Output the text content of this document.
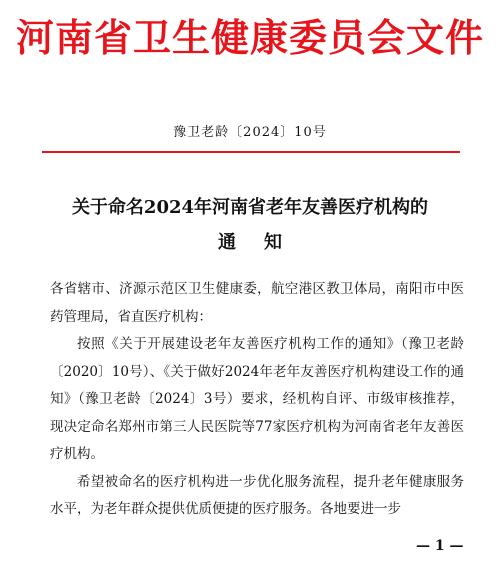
河南省卫生健康委员会文件
豫卫老龄〔2024〕10号
关于命名2024年河南省老年友善医疗机构的
通知

各省辖市、济源示范区卫生健康委，航空港区教卫体局，南阳市中医药管理局，省直医疗机构：

按照《关于开展建设老年友善医疗机构工作的通知》（豫卫老龄〔2020〕10号）、《关于做好2024年老年友善医疗机构建设工作的通知》（豫卫老龄〔2024〕3号）要求，经机构自评、市级审核推荐，现决定命名郑州市第三人民医院等77家医疗机构为河南省老年友善医疗机构。

希望被命名的医疗机构进一步优化服务流程，提升老年健康服务水平，为老年群众提供优质便捷的医疗服务。各地要进一步

— 1 —
